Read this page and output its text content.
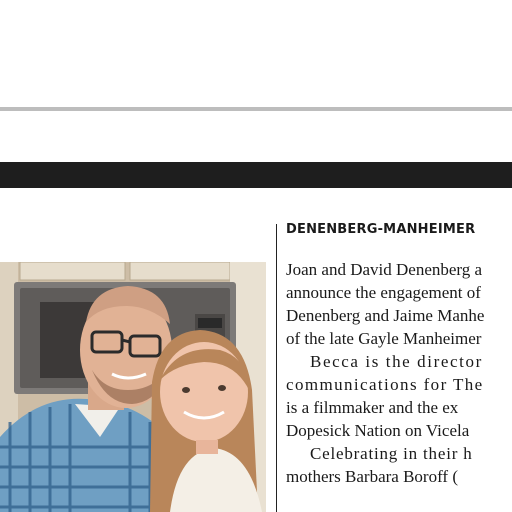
DENENBERG-MANHEIMER
Joan and David Denenberg a
announce the engagement of
Denenberg and Jaime Manhe
of the late Gayle Manheimer
Becca is the director
communications for The
is a filmmaker and the ex
Dopesick Nation on Vicela
Celebrating in their h
mothers Barbara Boroff (
